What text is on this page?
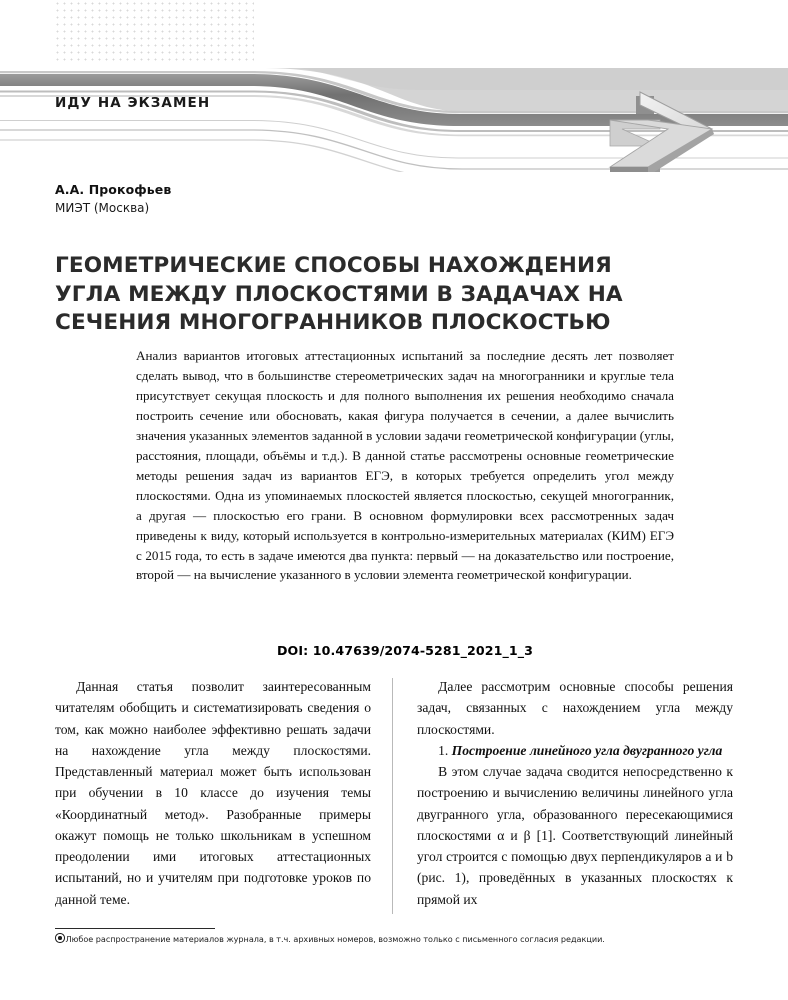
ИДУ НА ЭКЗАМЕН
А.А. Прокофьев
МИЭТ (Москва)
ГЕОМЕТРИЧЕСКИЕ СПОСОБЫ НАХОЖДЕНИЯ
УГЛА МЕЖДУ ПЛОСКОСТЯМИ В ЗАДАЧАХ НА
СЕЧЕНИЯ МНОГОГРАННИКОВ ПЛОСКОСТЬЮ
Анализ вариантов итоговых аттестационных испытаний за последние десять лет позволяет сделать вывод, что в большинстве стереометрических задач на многогранники и круглые тела присутствует секущая плоскость и для полного выполнения их решения необходимо сначала построить сечение или обосновать, какая фигура получается в сечении, а далее вычислить значения указанных элементов заданной в условии задачи геометрической конфигурации (углы, расстояния, площади, объёмы и т.д.). В данной статье рассмотрены основные геометрические методы решения задач из вариантов ЕГЭ, в которых требуется определить угол между плоскостями. Одна из упоминаемых плоскостей является плоскостью, секущей многогранник, а другая — плоскостью его грани. В основном формулировки всех рассмотренных задач приведены к виду, который используется в контрольно-измерительных материалах (КИМ) ЕГЭ с 2015 года, то есть в задаче имеются два пункта: первый — на доказательство или построение, второй — на вычисление указанного в условии элемента геометрической конфигурации.
DOI: 10.47639/2074-5281_2021_1_3

Данная статья позволит заинтересованным читателям обобщить и систематизировать сведения о том, как можно наиболее эффективно решать задачи на нахождение угла между плоскостями. Представленный материал может быть использован при обучении в 10 классе до изучения темы «Координатный метод». Разобранные примеры окажут помощь не только школьникам в успешном преодолении ими итоговых аттестационных испытаний, но и учителям при подготовке уроков по данной теме.

Далее рассмотрим основные способы решения задач, связанных с нахождением угла между плоскостями.

1. Построение линейного угла двугранного угла

В этом случае задача сводится непосредственно к построению и вычислению величины линейного угла двугранного угла, образованного пересекающимися плоскостями α и β [1]. Соответствующий линейный угол строится с помощью двух перпендикуляров a и b (рис. 1), проведённых в указанных плоскостях к прямой их

Любое распространение материалов журнала, в т.ч. архивных номеров, возможно только с письменного согласия редакции.
